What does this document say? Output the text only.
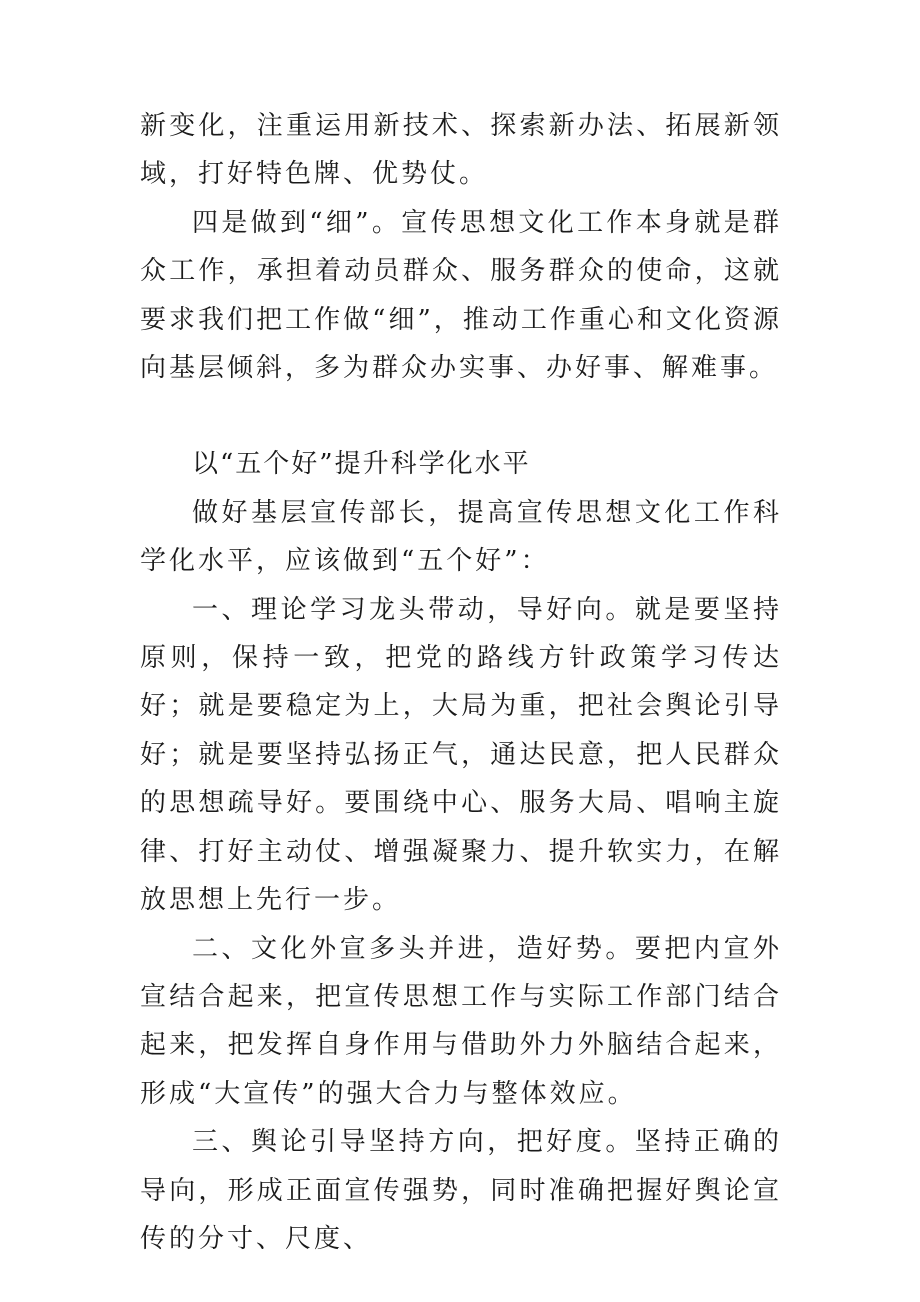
新变化，注重运用新技术、探索新办法、拓展新领域，打好特色牌、优势仗。

四是做到“细”。宣传思想文化工作本身就是群众工作，承担着动员群众、服务群众的使命，这就要求我们把工作做“细”，推动工作重心和文化资源向基层倾斜，多为群众办实事、办好事、解难事。

以“五个好”提升科学化水平

做好基层宣传部长，提高宣传思想文化工作科学化水平，应该做到“五个好”：

一、理论学习龙头带动，导好向。就是要坚持原则，保持一致，把党的路线方针政策学习传达好；就是要稳定为上，大局为重，把社会舆论引导好；就是要坚持弘扬正气，通达民意，把人民群众的思想疏导好。要围绕中心、服务大局、唱响主旋律、打好主动仗、增强凝聚力、提升软实力，在解放思想上先行一步。

二、文化外宣多头并进，造好势。要把内宣外宣结合起来，把宣传思想工作与实际工作部门结合起来，把发挥自身作用与借助外力外脑结合起来，形成“大宣传”的强大合力与整体效应。

三、舆论引导坚持方向，把好度。坚持正确的导向，形成正面宣传强势，同时准确把握好舆论宣传的分寸、尺度、
